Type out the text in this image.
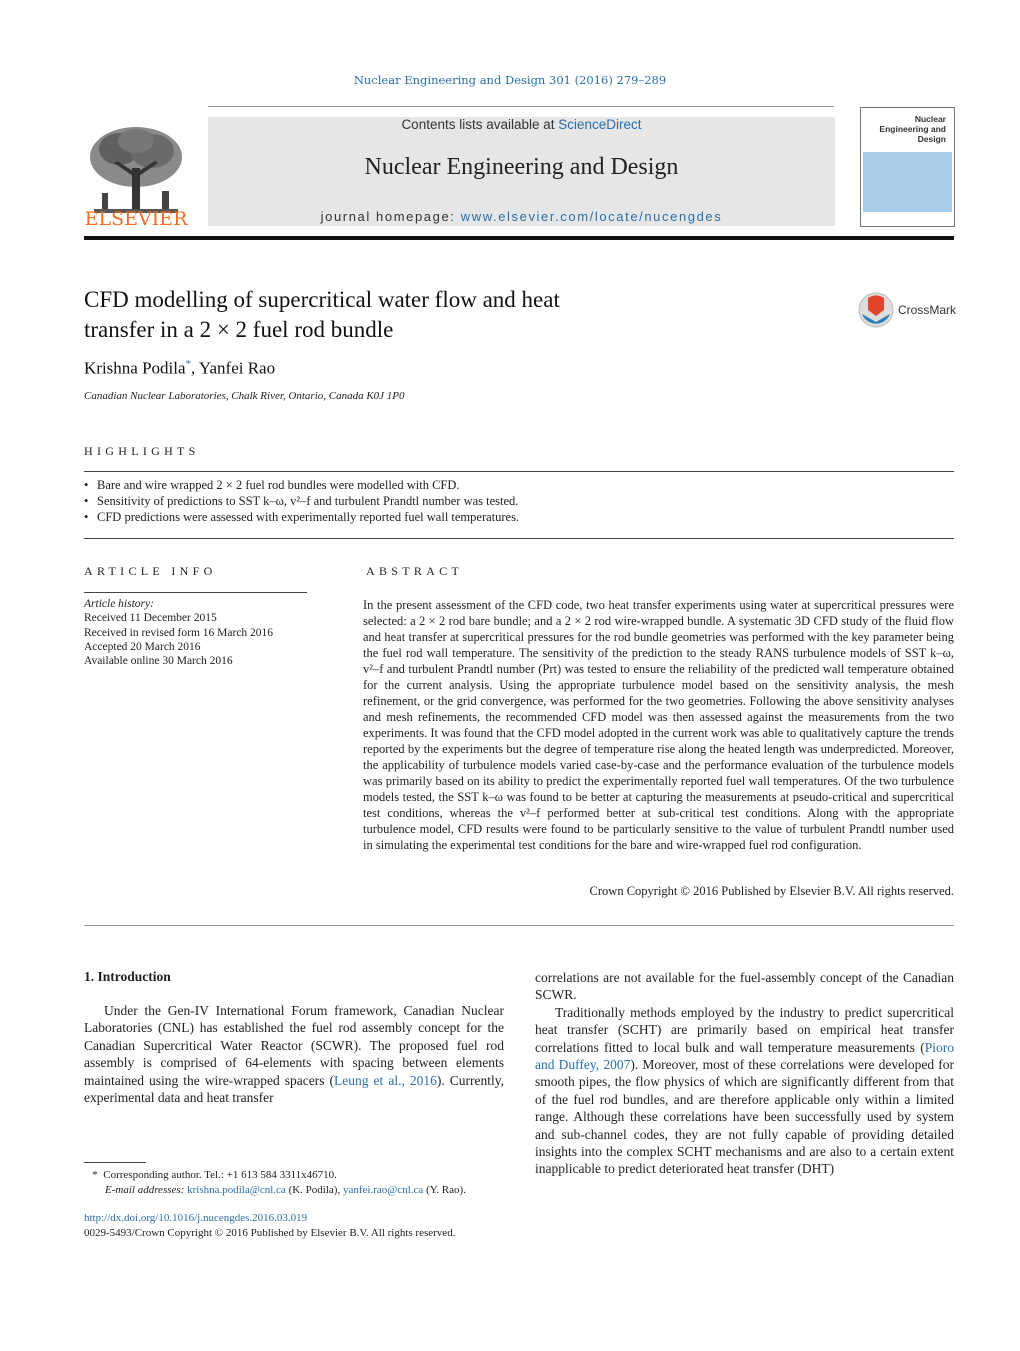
Nuclear Engineering and Design 301 (2016) 279–289
ELSEVIER
Contents lists available at ScienceDirect
Nuclear Engineering and Design
journal homepage: www.elsevier.com/locate/nucengdes
Nuclear Engineering and Design
CFD modelling of supercritical water flow and heat
transfer in a 2 × 2 fuel rod bundle
CrossMark
Krishna Podila*, Yanfei Rao
Canadian Nuclear Laboratories, Chalk River, Ontario, Canada K0J 1P0
HIGHLIGHTS
• Bare and wire wrapped 2 × 2 fuel rod bundles were modelled with CFD.
• Sensitivity of predictions to SST k–ω, v²–f and turbulent Prandtl number was tested.
• CFD predictions were assessed with experimentally reported fuel wall temperatures.
ARTICLE INFO
Article history:
Received 11 December 2015
Received in revised form 16 March 2016
Accepted 20 March 2016
Available online 30 March 2016
ABSTRACT
In the present assessment of the CFD code, two heat transfer experiments using water at supercritical pressures were selected: a 2 × 2 rod bare bundle; and a 2 × 2 rod wire-wrapped bundle. A systematic 3D CFD study of the fluid flow and heat transfer at supercritical pressures for the rod bundle geometries was performed with the key parameter being the fuel rod wall temperature. The sensitivity of the prediction to the steady RANS turbulence models of SST k–ω, v²–f and turbulent Prandtl number (Prt) was tested to ensure the reliability of the predicted wall temperature obtained for the current analysis. Using the appropriate turbulence model based on the sensitivity analysis, the mesh refinement, or the grid convergence, was performed for the two geometries. Following the above sensitivity analyses and mesh refinements, the recommended CFD model was then assessed against the measurements from the two experiments. It was found that the CFD model adopted in the current work was able to qualitatively capture the trends reported by the experiments but the degree of temperature rise along the heated length was underpredicted. Moreover, the applicability of turbulence models varied case-by-case and the performance evaluation of the turbulence models was primarily based on its ability to predict the experimentally reported fuel wall temperatures. Of the two turbulence models tested, the SST k–ω was found to be better at capturing the measurements at pseudo-critical and supercritical test conditions, whereas the v²–f performed better at sub-critical test conditions. Along with the appropriate turbulence model, CFD results were found to be particularly sensitive to the value of turbulent Prandtl number used in simulating the experimental test conditions for the bare and wire-wrapped fuel rod configuration.
Crown Copyright © 2016 Published by Elsevier B.V. All rights reserved.
1. Introduction
Under the Gen-IV International Forum framework, Canadian Nuclear Laboratories (CNL) has established the fuel rod assembly concept for the Canadian Supercritical Water Reactor (SCWR). The proposed fuel rod assembly is comprised of 64-elements with spacing between elements maintained using the wire-wrapped spacers (Leung et al., 2016). Currently, experimental data and heat transfer

correlations are not available for the fuel-assembly concept of the Canadian SCWR.

Traditionally methods employed by the industry to predict supercritical heat transfer (SCHT) are primarily based on empirical heat transfer correlations fitted to local bulk and wall temperature measurements (Pioro and Duffey, 2007). Moreover, most of these correlations were developed for smooth pipes, the flow physics of which are significantly different from that of the fuel rod bundles, and are therefore applicable only within a limited range. Although these correlations have been successfully used by system and sub-channel codes, they are not fully capable of providing detailed insights into the complex SCHT mechanisms and are also to a certain extent inapplicable to predict deteriorated heat transfer (DHT)

* Corresponding author. Tel.: +1 613 584 3311x46710.
E-mail addresses: krishna.podila@cnl.ca (K. Podila), yanfei.rao@cnl.ca (Y. Rao).
http://dx.doi.org/10.1016/j.nucengdes.2016.03.019
0029-5493/Crown Copyright © 2016 Published by Elsevier B.V. All rights reserved.
